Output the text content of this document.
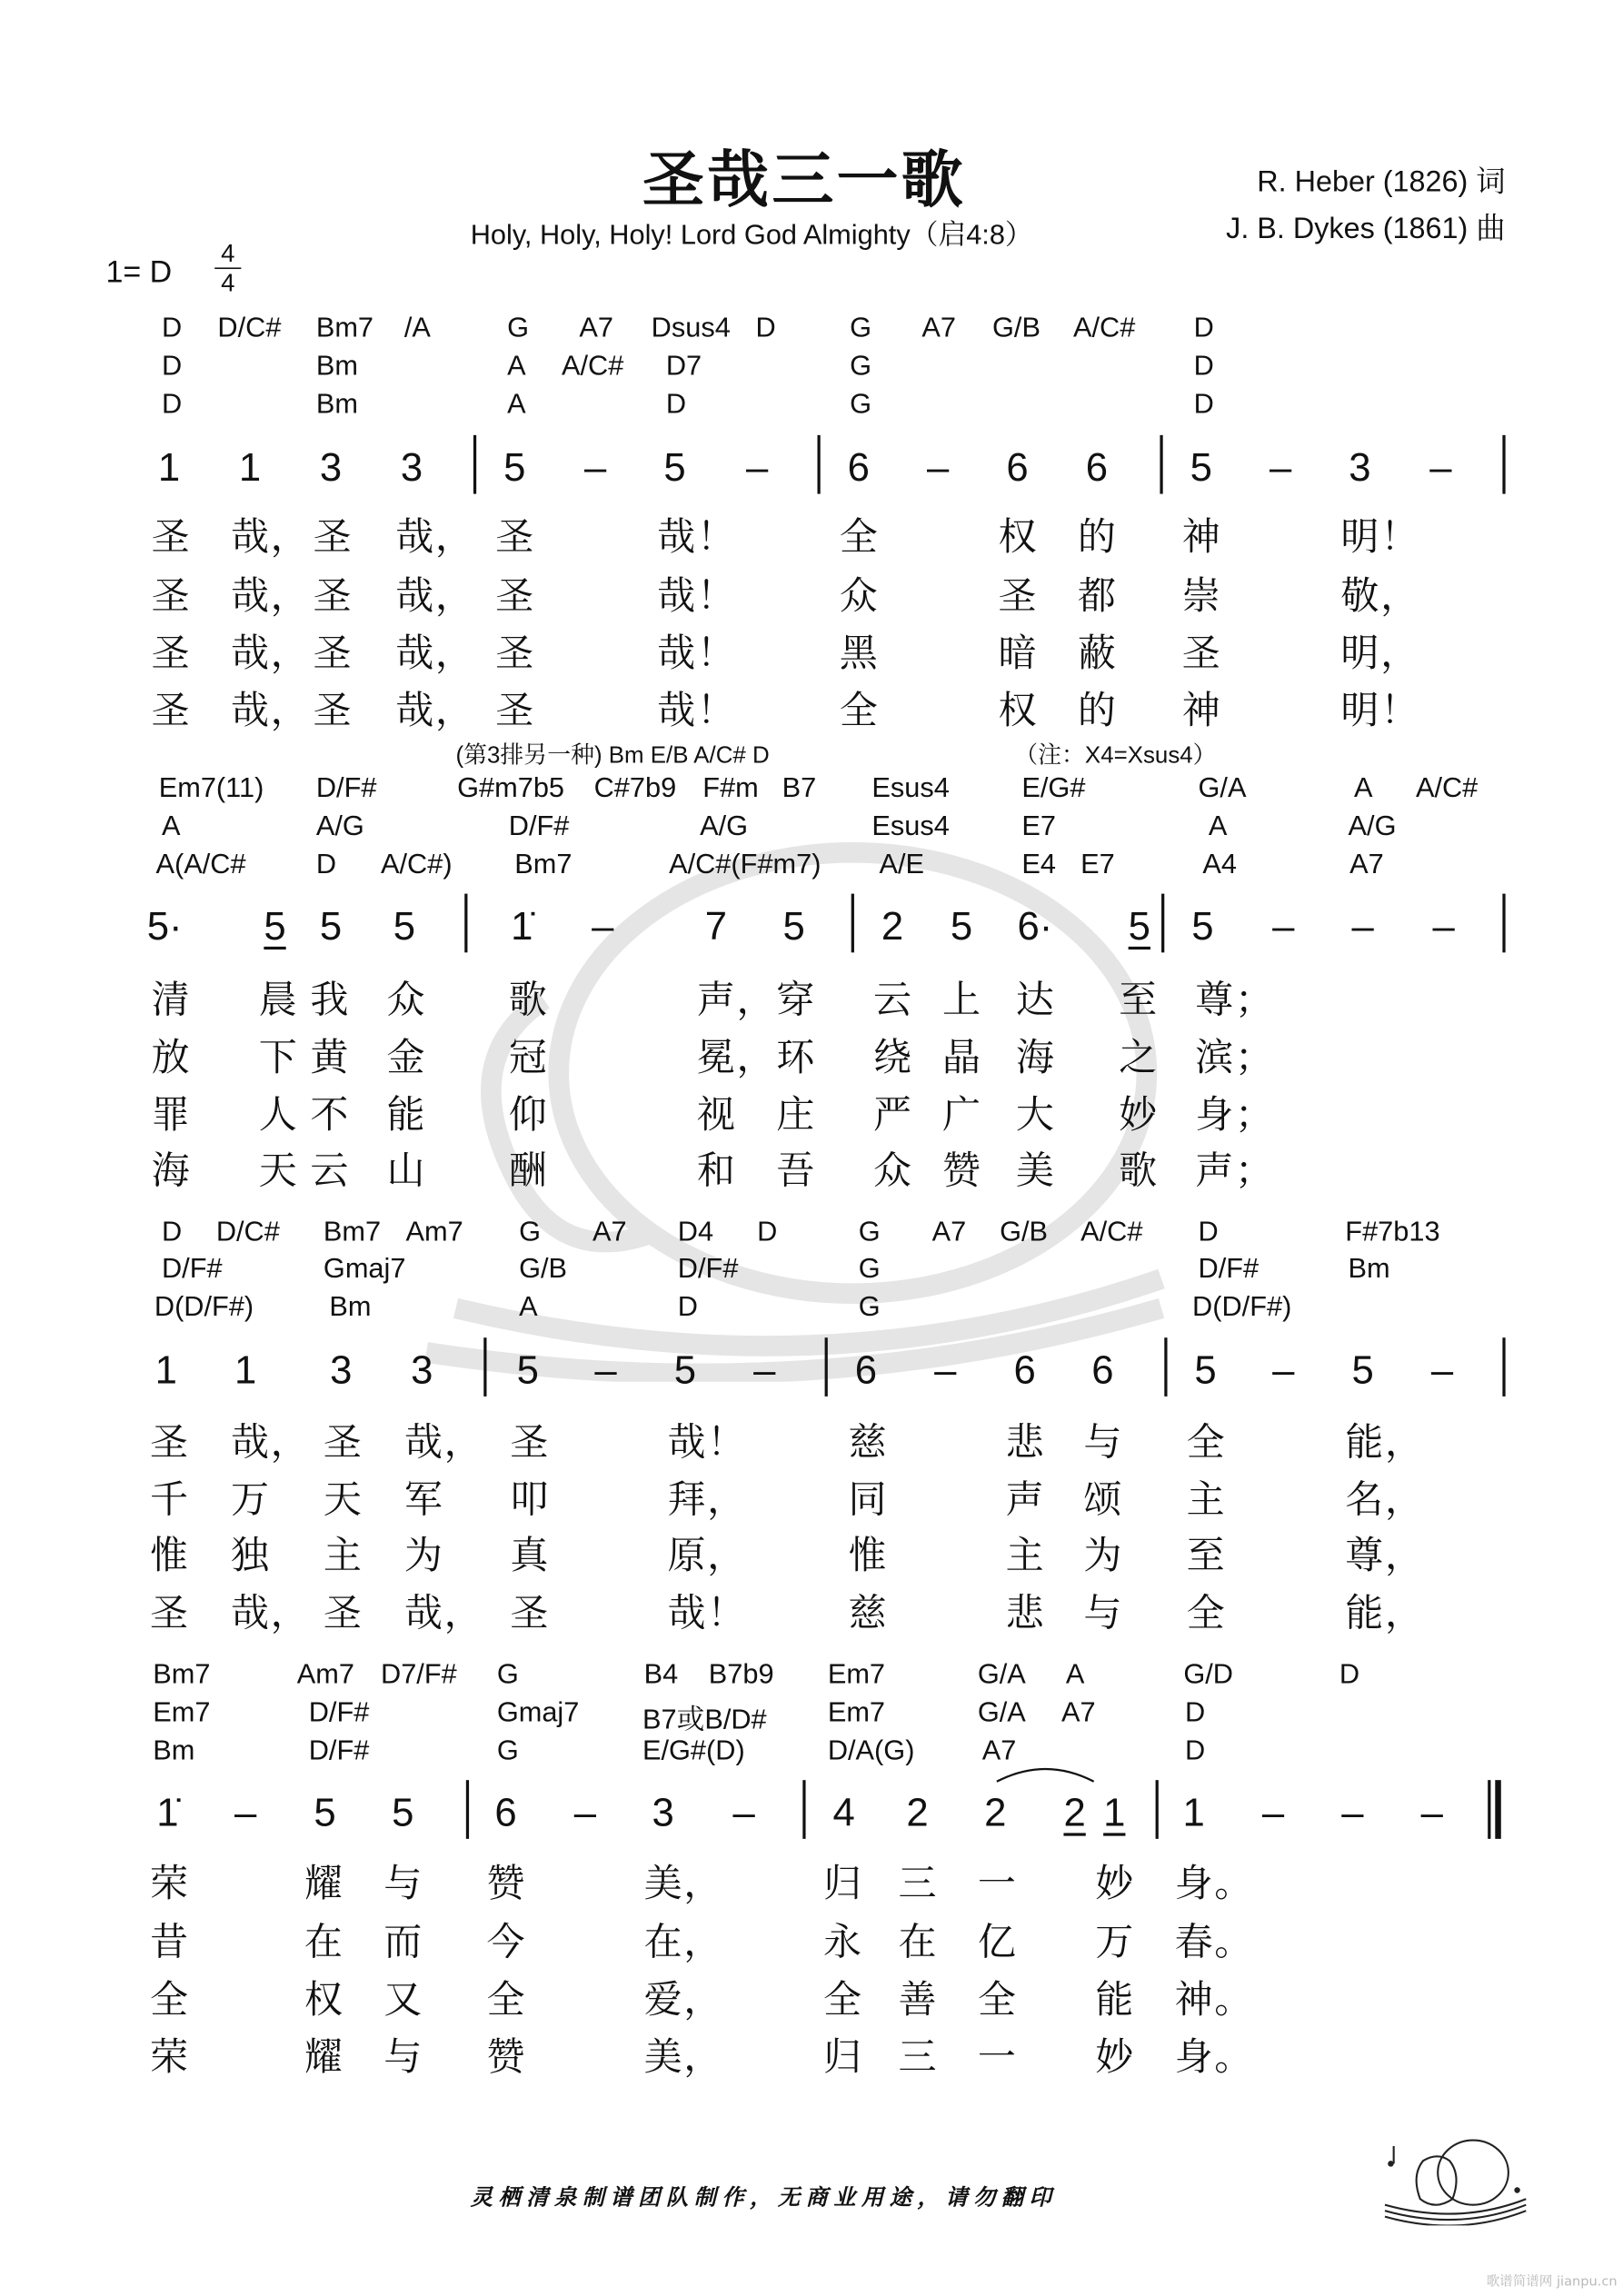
圣哉三一歌
Holy, Holy, Holy! Lord God Almighty（启4:8）
R. Heber (1826) 词
J. B. Dykes (1861) 曲
1= D
4
4
D D/C# Bm7 /A	G	A7 Dsus4 D	G	A7 G/B A/C#	D
D	Bm	A A/C# D7	G	D
D	Bm	A	D	G	D
1	1	3	3	5	–	5	–	6	–	6	6	5	–	3	–
圣 哉， 圣 哉， 圣	哉！	全	权 的	神	明！
圣 哉， 圣 哉， 圣	哉！	众	圣 都	崇	敬，
圣 哉， 圣 哉， 圣	哉！	黑	暗 蔽	圣	明，
圣 哉， 圣 哉， 圣	哉！	全	权 的	神	明！
(第3排另一种) Bm E/B A/C# D	（注：X4=Xsus4）
Em7(11)	D/F#	G#m7b5 C#7b9 F#m B7	Esus4	E/G#	G/A	A A/C#
A	A/G	D/F#	A/G	Esus4	E7	A	A/G
A(A/C#	D	A/C#)	Bm7	A/C#(F#m7)	A/E	E4 E7	A4	A7
5·	5	5	5	1̇	–	7	5	2	5	6·	5	5	–	–	–
清	晨 我 众	歌	声， 穿 云 上 达	至 尊；
放	下 黄 金	冠	冕， 环 绕 晶 海	之 滨；
罪	人 不 能	仰	视 庄 严 广 大	妙 身；
海	天 云 山	酬	和 吾 众 赞 美	歌 声；
D D/C#	Bm7 Am7	G	A7	D4	D	G	A7 G/B A/C#	D	F#7b13
D/F#	Gmaj7	G/B	D/F#	G	D/F#	Bm
D(D/F#)	Bm	A	D	G	D(D/F#)
1	1	3	3	5	–	5	–	6	–	6	6	5	–	5	–
圣 哉， 圣 哉， 圣	哉！	慈	悲 与	全	能，
千 万 天 军	叩	拜，	同	声 颂	主	名，
惟 独 主 为	真	原，	惟	主 为	至	尊，
圣 哉， 圣 哉， 圣	哉！	慈	悲 与	全	能，
Bm7	Am7 D7/F# G	B4 B7b9	Em7	G/A A	G/D	D
Em7	D/F#	Gmaj7	B7或B/D#	Em7	G/A A7	D
Bm	D/F#	G	E/G#(D)	D/A(G)	A7	D
1̇	–	5	5	6	–	3	–	4	2	2	2 1	1	–	–	–
荣	耀 与	赞	美，	归 三 一	妙 身。
昔	在 而	今	在，	永 在 亿	万 春。
全	权 又	全	爱，	全 善 全	能 神。
荣	耀 与	赞	美，	归 三 一	妙 身。
灵栖清泉制谱团队制作，无商业用途，请勿翻印
歌谱简谱网 jianpu.cn
